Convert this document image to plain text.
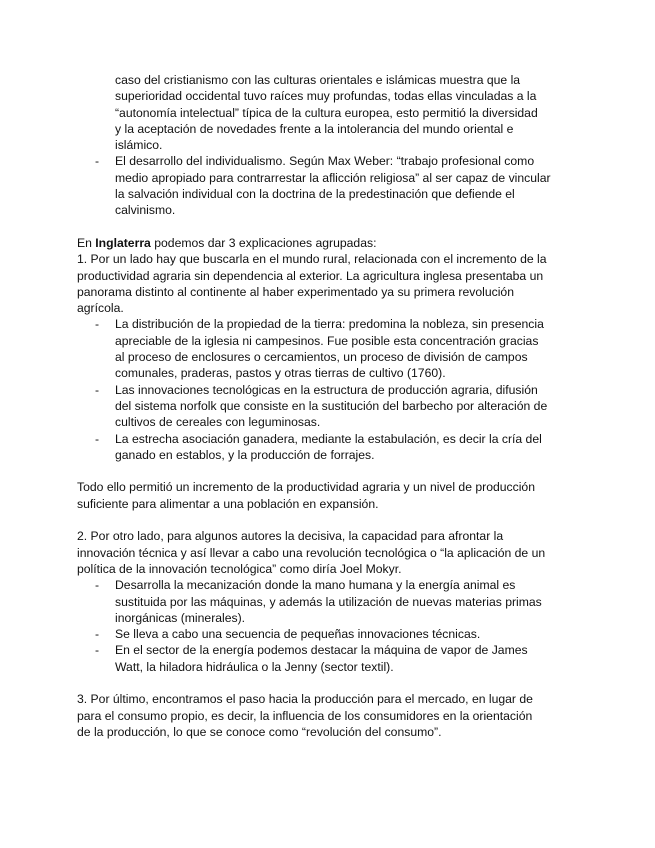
caso del cristianismo con las culturas orientales e islámicas muestra que la
superioridad occidental tuvo raíces muy profundas, todas ellas vinculadas a la
“autonomía intelectual” típica de la cultura europea, esto permitió la diversidad
y la aceptación de novedades frente a la intolerancia del mundo oriental e
islámico.
- El desarrollo del individualismo. Según Max Weber: “trabajo profesional como
medio apropiado para contrarrestar la aflicción religiosa” al ser capaz de vincular
la salvación individual con la doctrina de la predestinación que defiende el
calvinismo.
En Inglaterra podemos dar 3 explicaciones agrupadas:
1. Por un lado hay que buscarla en el mundo rural, relacionada con el incremento de la
productividad agraria sin dependencia al exterior. La agricultura inglesa presentaba un
panorama distinto al continente al haber experimentado ya su primera revolución
agrícola.
- La distribución de la propiedad de la tierra: predomina la nobleza, sin presencia
apreciable de la iglesia ni campesinos. Fue posible esta concentración gracias
al proceso de enclosures o cercamientos, un proceso de división de campos
comunales, praderas, pastos y otras tierras de cultivo (1760).
- Las innovaciones tecnológicas en la estructura de producción agraria, difusión
del sistema norfolk que consiste en la sustitución del barbecho por alteración de
cultivos de cereales con leguminosas.
- La estrecha asociación ganadera, mediante la estabulación, es decir la cría del
ganado en establos, y la producción de forrajes.
Todo ello permitió un incremento de la productividad agraria y un nivel de producción
suficiente para alimentar a una población en expansión.
2. Por otro lado, para algunos autores la decisiva, la capacidad para afrontar la
innovación técnica y así llevar a cabo una revolución tecnológica o “la aplicación de un
política de la innovación tecnológica” como diría Joel Mokyr.
- Desarrolla la mecanización donde la mano humana y la energía animal es
sustituida por las máquinas, y además la utilización de nuevas materias primas
inorgánicas (minerales).
- Se lleva a cabo una secuencia de pequeñas innovaciones técnicas.
- En el sector de la energía podemos destacar la máquina de vapor de James
Watt, la hiladora hidráulica o la Jenny (sector textil).
3. Por último, encontramos el paso hacia la producción para el mercado, en lugar de
para el consumo propio, es decir, la influencia de los consumidores en la orientación
de la producción, lo que se conoce como “revolución del consumo”.
